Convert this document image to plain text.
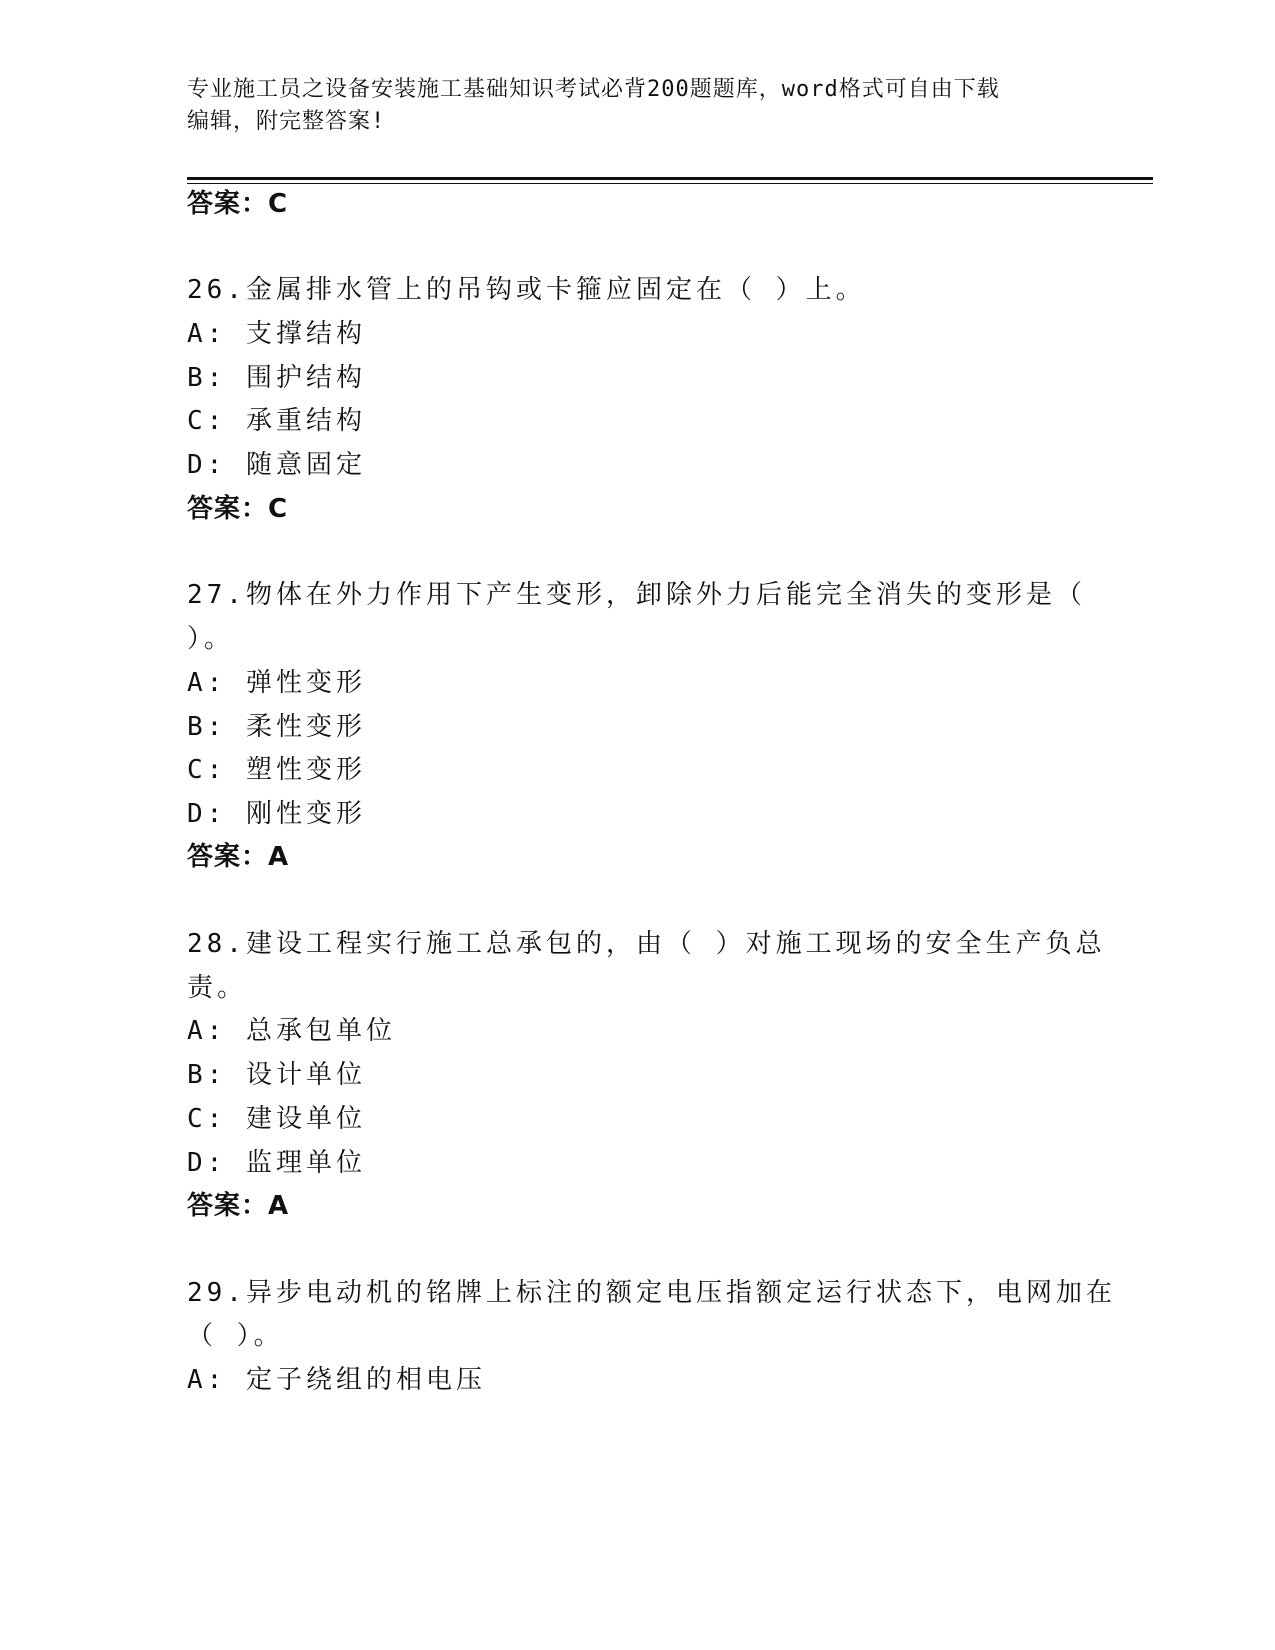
专业施工员之设备安装施工基础知识考试必背200题题库，word格式可自由下载
编辑，附完整答案!
答案：C
26.金属排水管上的吊钩或卡箍应固定在（ ）上。
A: 支撑结构
B: 围护结构
C: 承重结构
D: 随意固定
答案：C
27.物体在外力作用下产生变形，卸除外力后能完全消失的变形是（
）。
A: 弹性变形
B: 柔性变形
C: 塑性变形
D: 刚性变形
答案：A
28.建设工程实行施工总承包的，由（ ）对施工现场的安全生产负总
责。
A: 总承包单位
B: 设计单位
C: 建设单位
D: 监理单位
答案：A
29.异步电动机的铭牌上标注的额定电压指额定运行状态下，电网加在
（ ）。
A: 定子绕组的相电压
